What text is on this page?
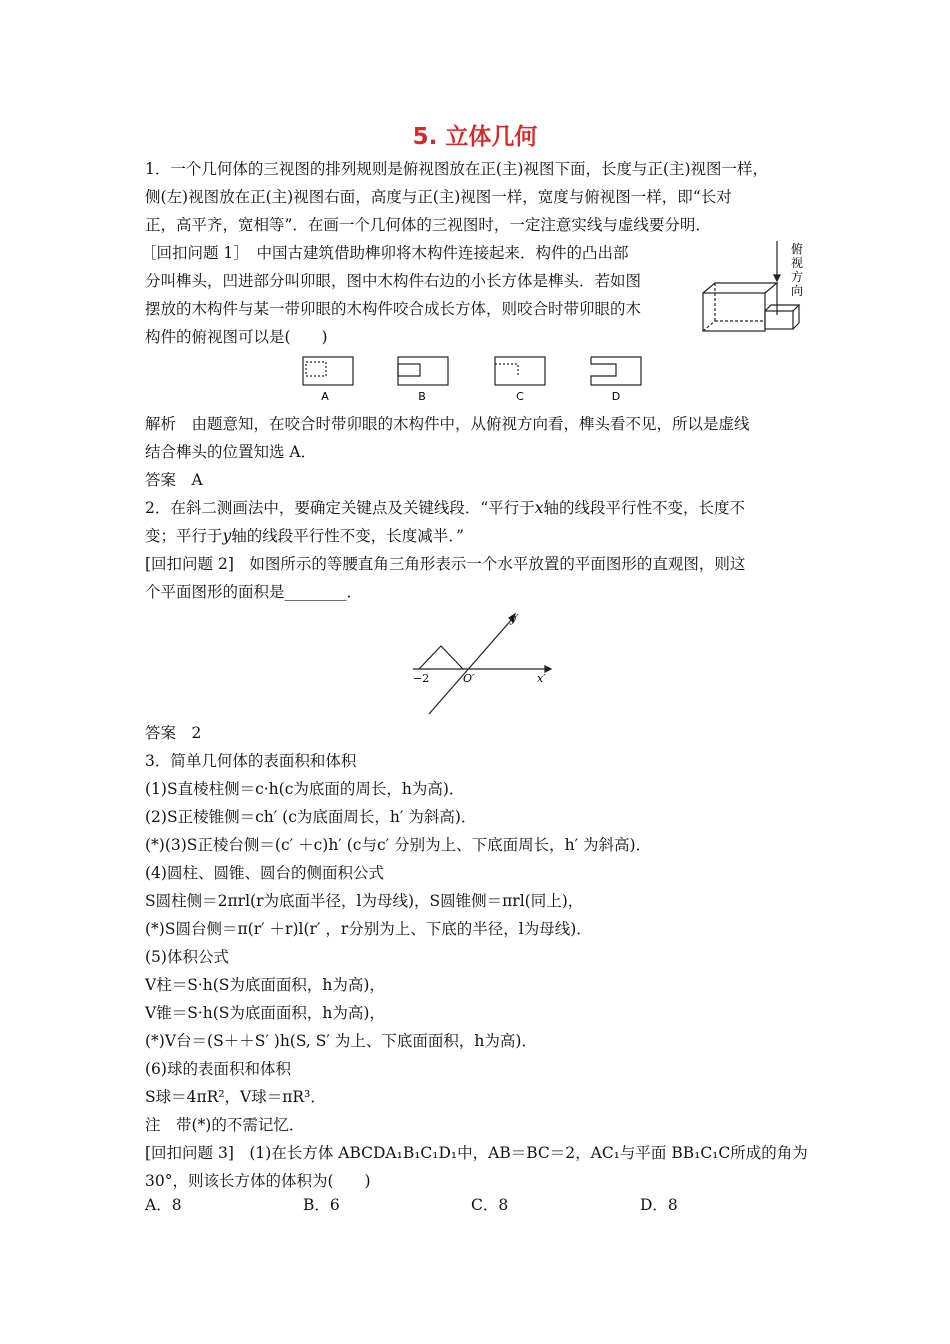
5. 立体几何
1．一个几何体的三视图的排列规则是俯视图放在正(主)视图下面，长度与正(主)视图一样，
侧(左)视图放在正(主)视图右面，高度与正(主)视图一样，宽度与俯视图一样，即“长对
正，高平齐，宽相等”．在画一个几何体的三视图时，一定注意实线与虚线要分明．
［回扣问题 1］　中国古建筑借助榫卯将木构件连接起来．构件的凸出部
分叫榫头，凹进部分叫卯眼，图中木构件右边的小长方体是榫头．若如图
摆放的木构件与某一带卯眼的木构件咬合成长方体，则咬合时带卯眼的木
构件的俯视图可以是(　　)
俯
视
方
向
A	B	C	D
解析　由题意知，在咬合时带卯眼的木构件中，从俯视方向看，榫头看不见，所以是虚线
结合榫头的位置知选 A．
答案　A
2．在斜二测画法中，要确定关键点及关键线段．“平行于x轴的线段平行性不变，长度不
变；平行于y轴的线段平行性不变，长度减半．”
[回扣问题 2]　如图所示的等腰直角三角形表示一个水平放置的平面图形的直观图，则这
个平面图形的面积是________．
y′
x′
O′
−2
答案　2
3．简单几何体的表面积和体积
(1)S直棱柱侧＝c·h(c为底面的周长，h为高)．
(2)S正棱锥侧＝ch′ (c为底面周长，h′ 为斜高)．
(*)(3)S正棱台侧＝(c′ ＋c)h′ (c与c′ 分别为上、下底面周长，h′ 为斜高)．
(4)圆柱、圆锥、圆台的侧面积公式
S圆柱侧＝2πrl(r为底面半径，l为母线)，S圆锥侧＝πrl(同上)，
(*)S圆台侧＝π(r′ ＋r)l(r′ ，r分别为上、下底的半径，l为母线)．
(5)体积公式
V柱＝S·h(S为底面面积，h为高)，
V锥＝S·h(S为底面面积，h为高)，
(*)V台＝(S＋＋S′ )h(S, S′ 为上、下底面面积，h为高)．
(6)球的表面积和体积
S球＝4πR²，V球＝πR³．
注　带(*)的不需记忆．
[回扣问题 3]　(1)在长方体 ABCDA₁B₁C₁D₁中，AB＝BC＝2，AC₁与平面 BB₁C₁C所成的角为
30°，则该长方体的体积为(　　)
A．8	B．6	C．8	D．8
